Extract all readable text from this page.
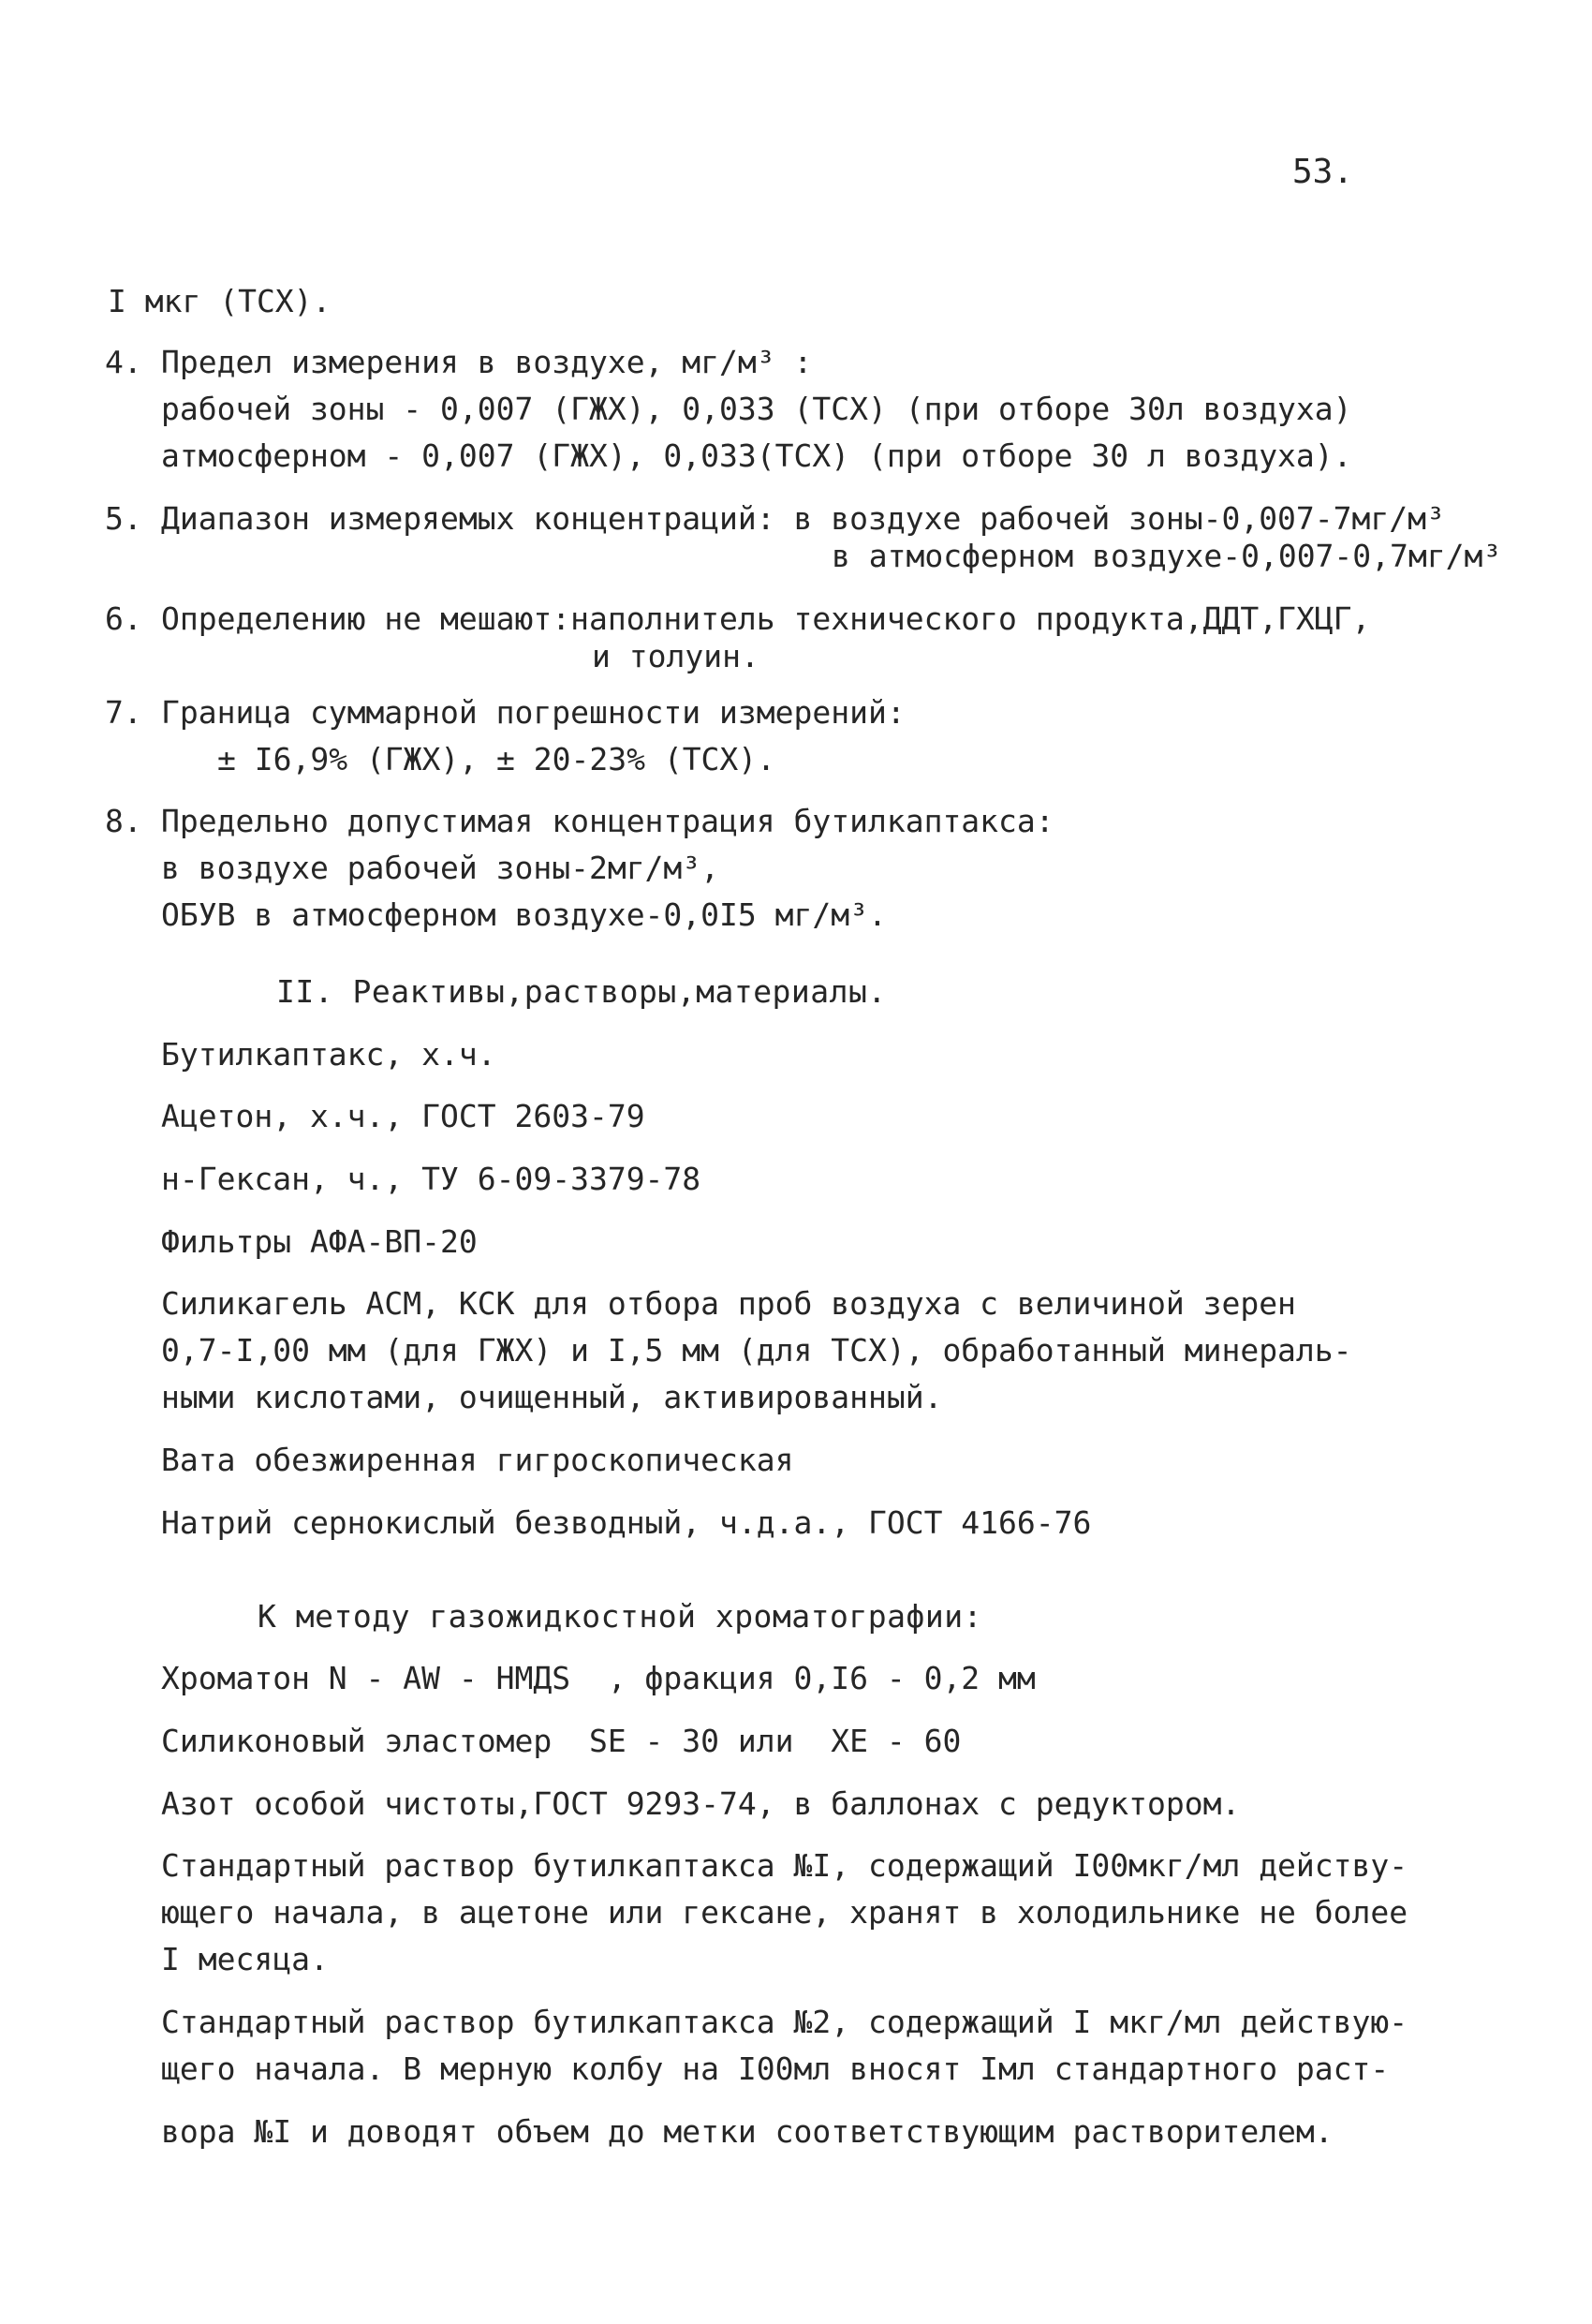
53.
I мкг (ТСХ).
4. Предел измерения в воздухе, мг/м³ :
рабочей зоны - 0,007 (ГЖХ), 0,033 (ТСХ) (при отборе 30л воздуха)
атмосферном - 0,007 (ГЖХ), 0,033(ТСХ) (при отборе 30 л воздуха).
5. Диапазон измеряемых концентраций: в воздухе рабочей зоны-0,007-7мг/м³
в атмосферном воздухе-0,007-0,7мг/м³
6. Определению не мешают:наполнитель технического продукта,ДДТ,ГХЦГ,
и толуин.
7. Граница суммарной погрешности измерений:
± I6,9% (ГЖХ), ± 20-23% (ТСХ).
8. Предельно допустимая концентрация бутилкаптакса:
в воздухе рабочей зоны-2мг/м³,
ОБУВ в атмосферном воздухе-0,0I5 мг/м³.
II. Реактивы,растворы,материалы.
Бутилкаптакс, х.ч.
Ацетон, х.ч., ГОСТ 2603-79
н-Гексан, ч., ТУ 6-09-3379-78
Фильтры АФА-ВП-20
Силикагель АСМ, КСК для отбора проб воздуха с величиной зерен
0,7-I,00 мм (для ГЖХ) и I,5 мм (для ТСХ), обработанный минераль-
ными кислотами, очищенный, активированный.
Вата обезжиренная гигроскопическая
Натрий сернокислый безводный, ч.д.а., ГОСТ 4166-76
К методу газожидкостной хроматографии:
Хроматон N - AW - HMДS  , фракция 0,I6 - 0,2 мм
Силиконовый эластомер  SE - 30 или  XE - 60
Азот особой чистоты,ГОСТ 9293-74, в баллонах с редуктором.
Стандартный раствор бутилкаптакса №I, содержащий I00мкг/мл действу-
ющего начала, в ацетоне или гексане, хранят в холодильнике не более
I месяца.
Стандартный раствор бутилкаптакса №2, содержащий I мкг/мл действую-
щего начала. В мерную колбу на I00мл вносят Iмл стандартного раст-
вора №I и доводят объем до метки соответствующим растворителем.
